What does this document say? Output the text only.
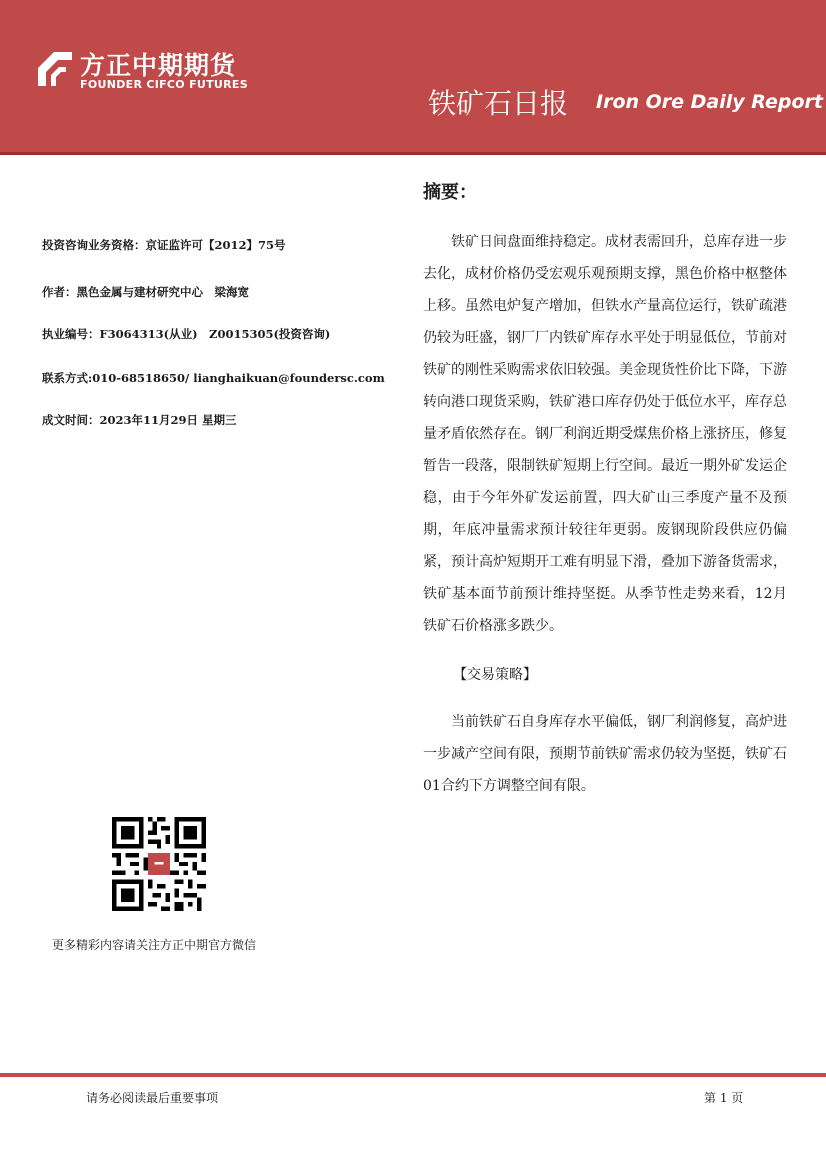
方正中期期货
FOUNDER CIFCO FUTURES
铁矿石日报 Iron Ore Daily Report
投资咨询业务资格：京证监许可【2012】75号
作者：黑色金属与建材研究中心　梁海宽
执业编号：F3064313(从业)　Z0015305(投资咨询)
联系方式:010-68518650/ lianghaikuan@foundersc.com
成文时间：2023年11月29日 星期三
摘要：

铁矿日间盘面维持稳定。成材表需回升，总库存进一步去化，成材价格仍受宏观乐观预期支撑，黑色价格中枢整体上移。虽然电炉复产增加，但铁水产量高位运行，铁矿疏港仍较为旺盛，钢厂厂内铁矿库存水平处于明显低位，节前对铁矿的刚性采购需求依旧较强。美金现货性价比下降，下游转向港口现货采购，铁矿港口库存仍处于低位水平，库存总量矛盾依然存在。钢厂利润近期受煤焦价格上涨挤压，修复暂告一段落，限制铁矿短期上行空间。最近一期外矿发运企稳，由于今年外矿发运前置，四大矿山三季度产量不及预期，年底冲量需求预计较往年更弱。废钢现阶段供应仍偏紧，预计高炉短期开工难有明显下滑，叠加下游备货需求，铁矿基本面节前预计维持坚挺。从季节性走势来看，12月铁矿石价格涨多跌少。

【交易策略】

当前铁矿石自身库存水平偏低，钢厂利润修复，高炉进一步减产空间有限，预期节前铁矿需求仍较为坚挺，铁矿石01合约下方调整空间有限。

更多精彩内容请关注方正中期官方微信
请务必阅读最后重要事项	第 1 页
